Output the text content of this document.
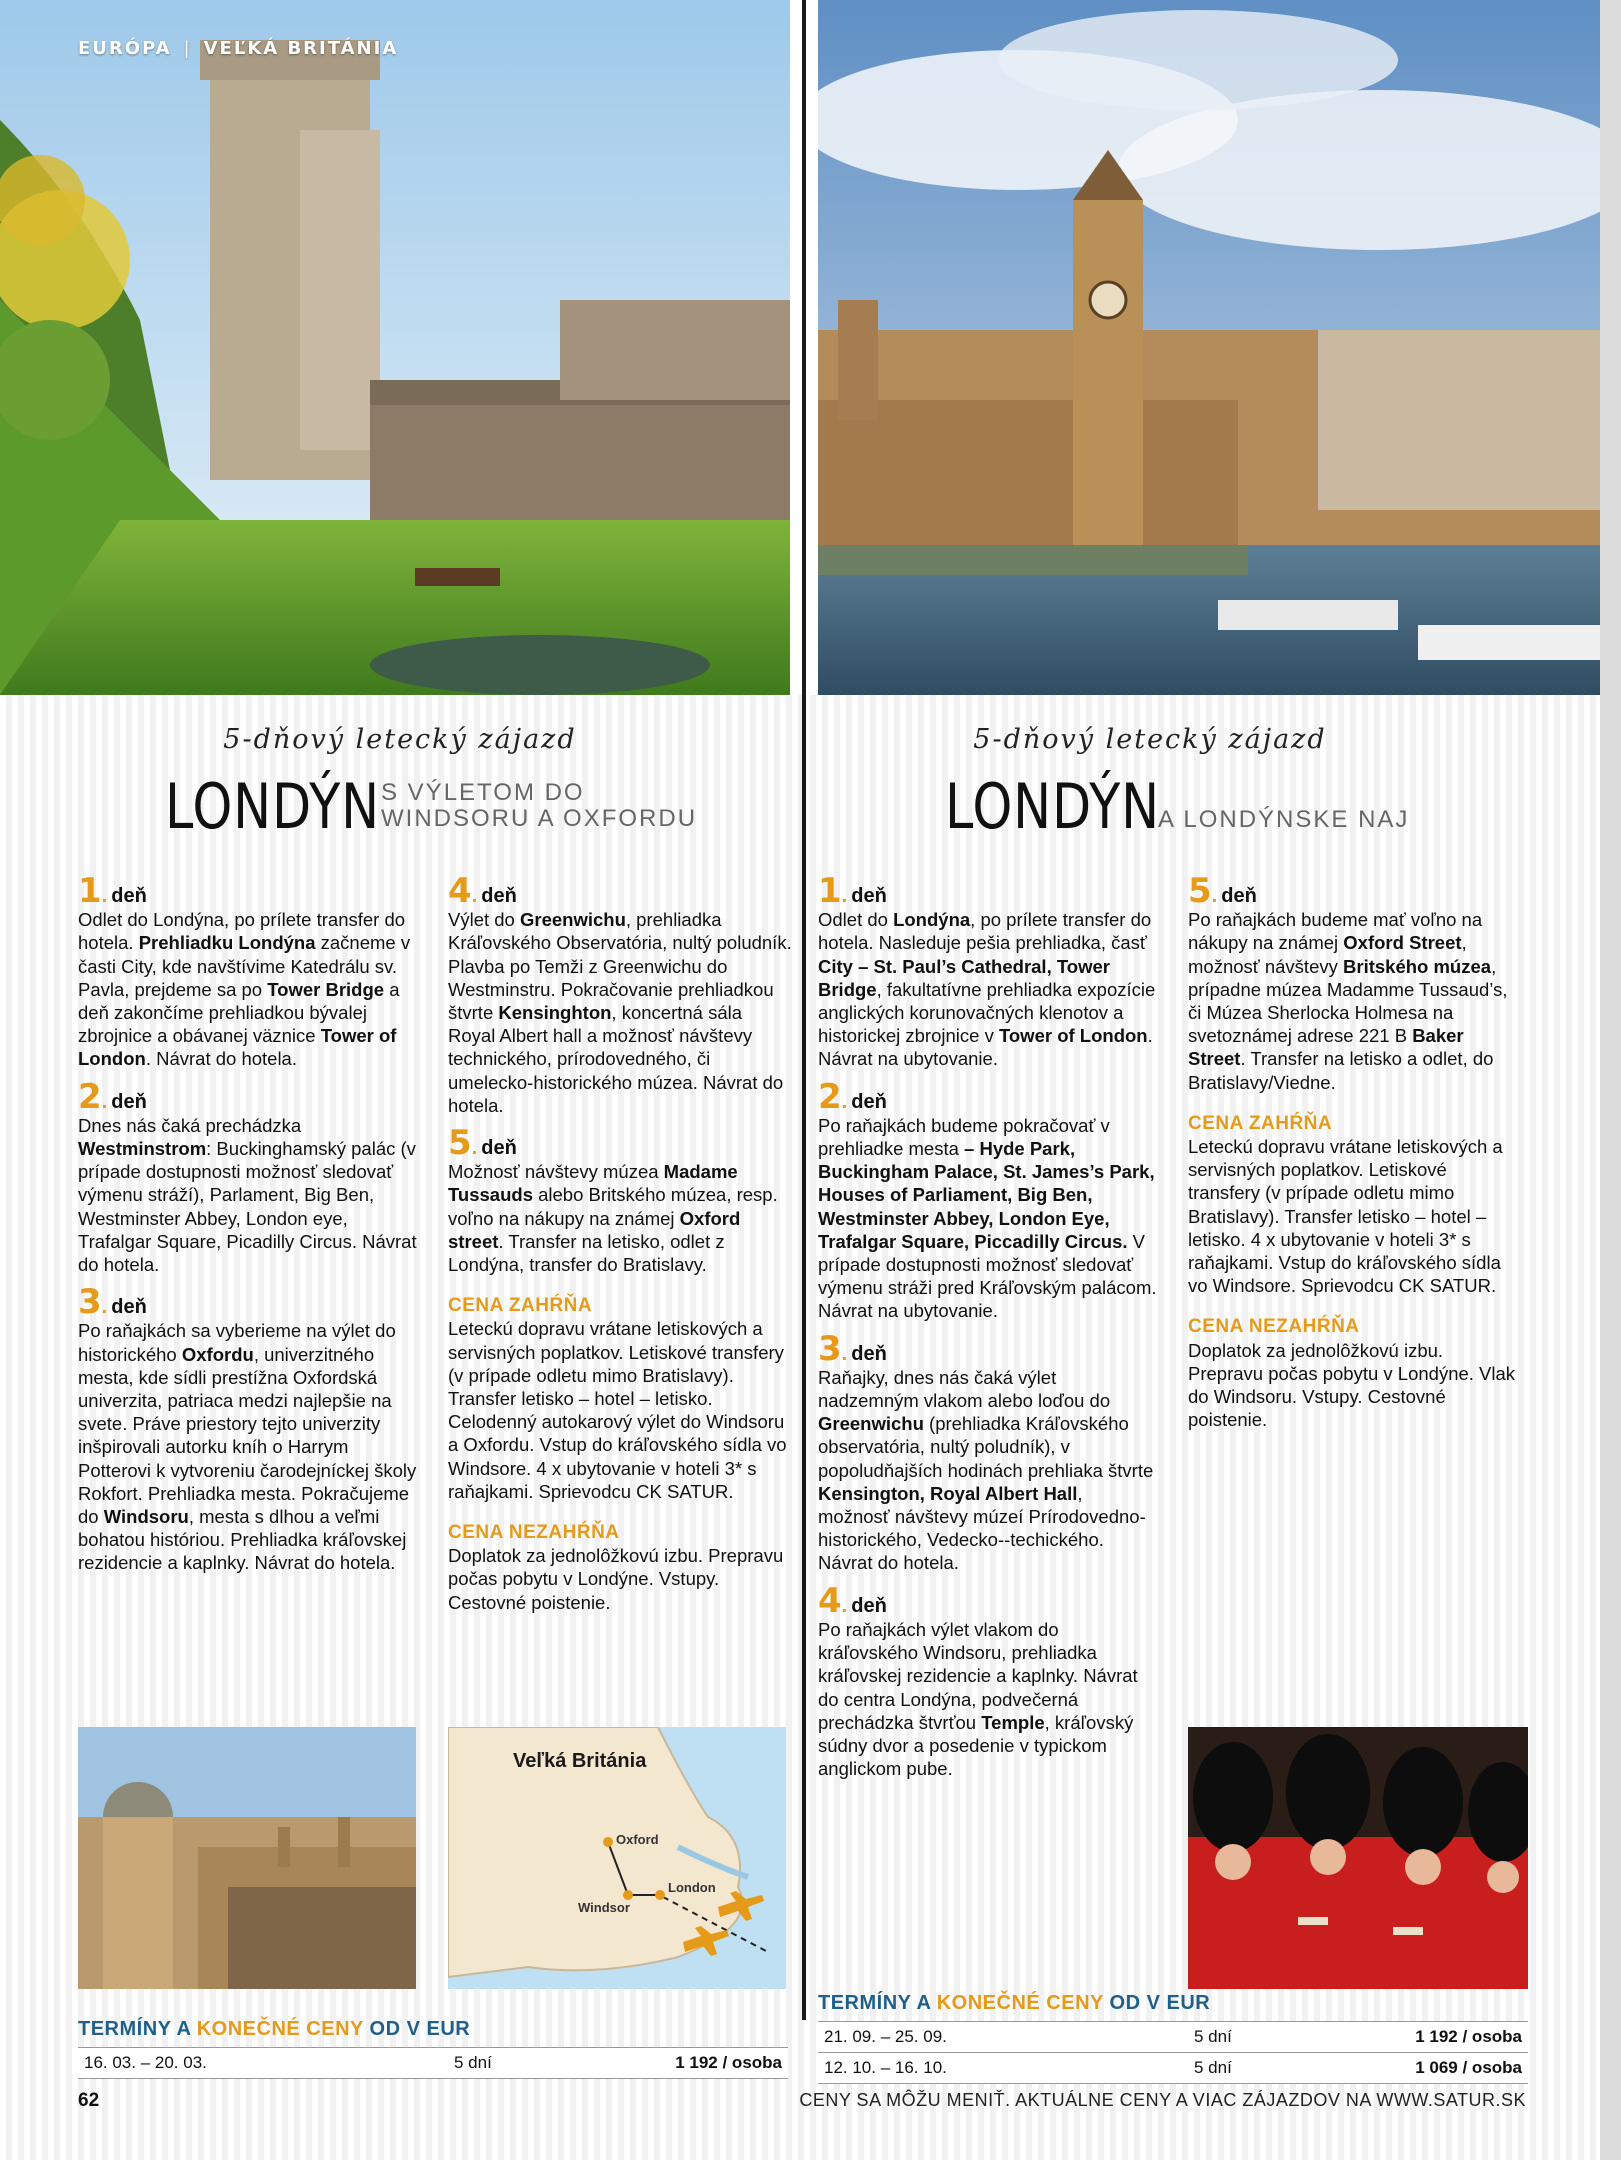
EURÓPA | VEĽKÁ BRITÁNIA
5-dňový letecký zájazd
LONDÝN S VÝLETOM DO
WINDSORU A OXFORDU
5-dňový letecký zájazd
LONDÝN
A LONDÝNSKE NAJ
1 . deň

Odlet do Londýna, po prílete transfer do hotela. Prehliadku Londýna začneme v časti City, kde navštívime Katedrálu sv. Pavla, prejdeme sa po Tower Bridge a deň zakončíme prehliadkou bývalej zbrojnice a obávanej väznice Tower of London. Návrat do hotela.

2 . deň

Dnes nás čaká prechádzka Westminstrom: Buckinghamský palác (v prípade dostupnosti možnosť sledovať výmenu stráží), Parlament, Big Ben, Westminster Abbey, London eye, Trafalgar Square, Picadilly Circus. Návrat do hotela.

3 . deň

Po raňajkách sa vyberieme na výlet do historického Oxfordu, univerzitného mesta, kde sídli prestížna Oxfordská univerzita, patriaca medzi najlepšie na svete. Práve priestory tejto univerzity inšpirovali autorku kníh o Harrym Potterovi k vytvoreniu čarodejníckej školy Rokfort. Prehliadka mesta. Pokračujeme do Windsoru, mesta s dlhou a veľmi bohatou históriou. Prehliadka kráľovskej rezidencie a kaplnky. Návrat do hotela.

4 . deň

Výlet do Greenwichu, prehliadka Kráľovského Observatória, nultý poludník. Plavba po Temži z Greenwichu do Westminstru. Pokračovanie prehliadkou štvrte Kensinghton, koncertná sála Royal Albert hall a možnosť návštevy technického, prírodovedného, či umelecko-historického múzea. Návrat do hotela.

5 . deň

Možnosť návštevy múzea Madame Tussauds alebo Britského múzea, resp. voľno na nákupy na známej Oxford street. Transfer na letisko, odlet z Londýna, transfer do Bratislavy.

CENA ZAHŔŇA

Leteckú dopravu vrátane letiskových a servisných poplatkov. Letiskové transfery (v prípade odletu mimo Bratislavy). Transfer letisko – hotel – letisko. Celodenný autokarový výlet do Windsoru a Oxfordu. Vstup do kráľovského sídla vo Windsore. 4 x ubytovanie v hoteli 3* s raňajkami. Sprievodcu CK SATUR.

CENA NEZAHŔŇA

Doplatok za jednolôžkovú izbu. Prepravu počas pobytu v Londýne. Vstupy. Cestovné poistenie.

Veľká Británia
Oxford
London
Windsor
1 . deň

Odlet do Londýna, po prílete transfer do hotela. Nasleduje pešia prehliadka, časť City – St. Paul’s Cathedral, Tower Bridge, fakultatívne prehliadka expozície anglických korunovačných klenotov a historickej zbrojnice v Tower of London. Návrat na ubytovanie.

2 . deň

Po raňajkách budeme pokračovať v prehliadke mesta – Hyde Park, Buckingham Palace, St. James’s Park, Houses of Parliament, Big Ben, Westminster Abbey, London Eye, Trafalgar Square, Piccadilly Circus. V prípade dostupnosti možnosť sledovať výmenu stráži pred Kráľovským palácom. Návrat na ubytovanie.

3 . deň

Raňajky, dnes nás čaká výlet nadzemným vlakom alebo loďou do Greenwichu (prehliadka Kráľovského observatória, nultý poludník), v popoludňajších hodinách prehliaka štvrte Kensington, Royal Albert Hall, možnosť návštevy múzeí Prírodovedno-historického, Vedecko--techického. Návrat do hotela.

4 . deň

Po raňajkách výlet vlakom do kráľovského Windsoru, prehliadka kráľovskej rezidencie a kaplnky. Návrat do centra Londýna, podvečerná prechádzka štvrťou Temple, kráľovský súdny dvor a posedenie v typickom anglickom pube.

5 . deň

Po raňajkách budeme mať voľno na nákupy na známej Oxford Street, možnosť návštevy Britského múzea, prípadne múzea Madamme Tussaud’s, či Múzea Sherlocka Holmesa na svetoznámej adrese 221 B Baker Street. Transfer na letisko a odlet, do Bratislavy/Viedne.

CENA ZAHŔŇA

Leteckú dopravu vrátane letiskových a servisných poplatkov. Letiskové transfery (v prípade odletu mimo Bratislavy). Transfer letisko – hotel – letisko. 4 x ubytovanie v hoteli 3* s raňajkami. Vstup do kráľovského sídla vo Windsore. Sprievodcu CK SATUR.

CENA NEZAHŔŇA

Doplatok za jednolôžkovú izbu. Prepravu počas pobytu v Londýne. Vlak do Windsoru. Vstupy. Cestovné poistenie.

TERMÍNY A KONEČNÉ CENY OD V EUR
16. 03. – 20. 03.	5 dní	1 192 / osoba
TERMÍNY A KONEČNÉ CENY OD V EUR
21. 09. – 25. 09.	5 dní	1 192 / osoba
12. 10. – 16. 10.	5 dní	1 069 / osoba
62	CENY SA MÔŽU MENIŤ. AKTUÁLNE CENY A VIAC ZÁJAZDOV NA WWW.SATUR.SK
